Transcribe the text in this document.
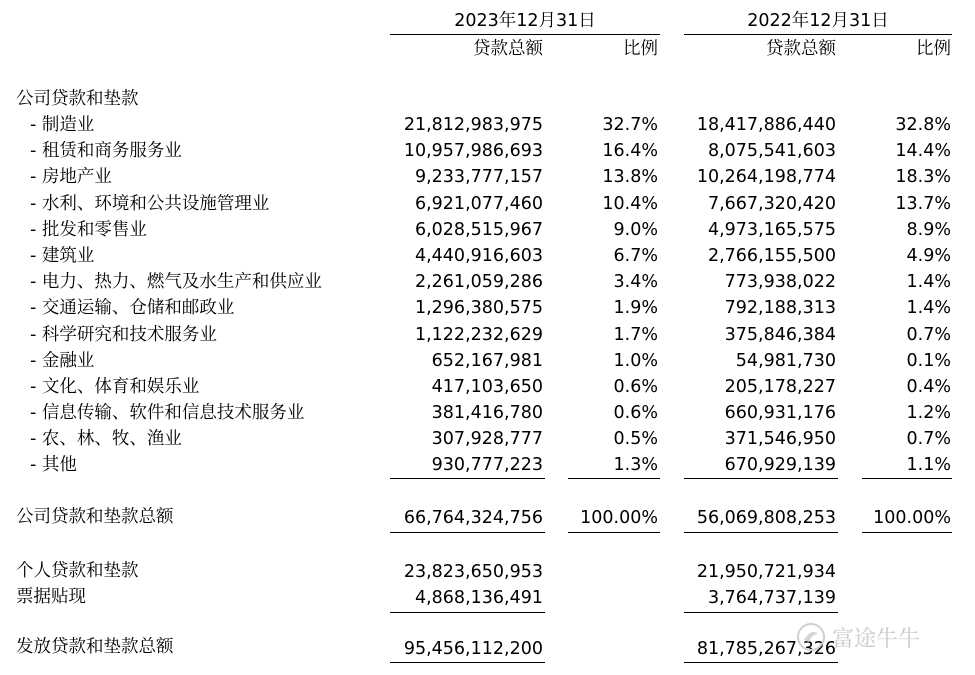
2023年12月31日	2022年12月31日
贷款总额	比例	贷款总额	比例
公司贷款和垫款
- 制造业	21,812,983,975	32.7% 18,417,886,440	32.8%
- 租赁和商务服务业	10,957,986,693	16.4%	8,075,541,603	14.4%
- 房地产业	9,233,777,157	13.8% 10,264,198,774	18.3%
- 水利、环境和公共设施管理业	6,921,077,460	10.4%	7,667,320,420	13.7%
- 批发和零售业	6,028,515,967	9.0%	4,973,165,575	8.9%
- 建筑业	4,440,916,603	6.7%	2,766,155,500	4.9%
- 电力、热力、燃气及水生产和供应业	2,261,059,286	3.4%	773,938,022	1.4%
- 交通运输、仓储和邮政业	1,296,380,575	1.9%	792,188,313	1.4%
- 科学研究和技术服务业	1,122,232,629	1.7%	375,846,384	0.7%
- 金融业	652,167,981	1.0%	54,981,730	0.1%
- 文化、体育和娱乐业	417,103,650	0.6%	205,178,227	0.4%
- 信息传输、软件和信息技术服务业	381,416,780	0.6%	660,931,176	1.2%
- 农、林、牧、渔业	307,928,777	0.5%	371,546,950	0.7%
- 其他	930,777,223	1.3%	670,929,139	1.1%
公司贷款和垫款总额	66,764,324,756 100.00% 56,069,808,253 100.00%
个人贷款和垫款	23,823,650,953	21,950,721,934
票据贴现	4,868,136,491	3,764,737,139
发放贷款和垫款总额	95,456,112,200	81,785,267,326
富途牛牛
